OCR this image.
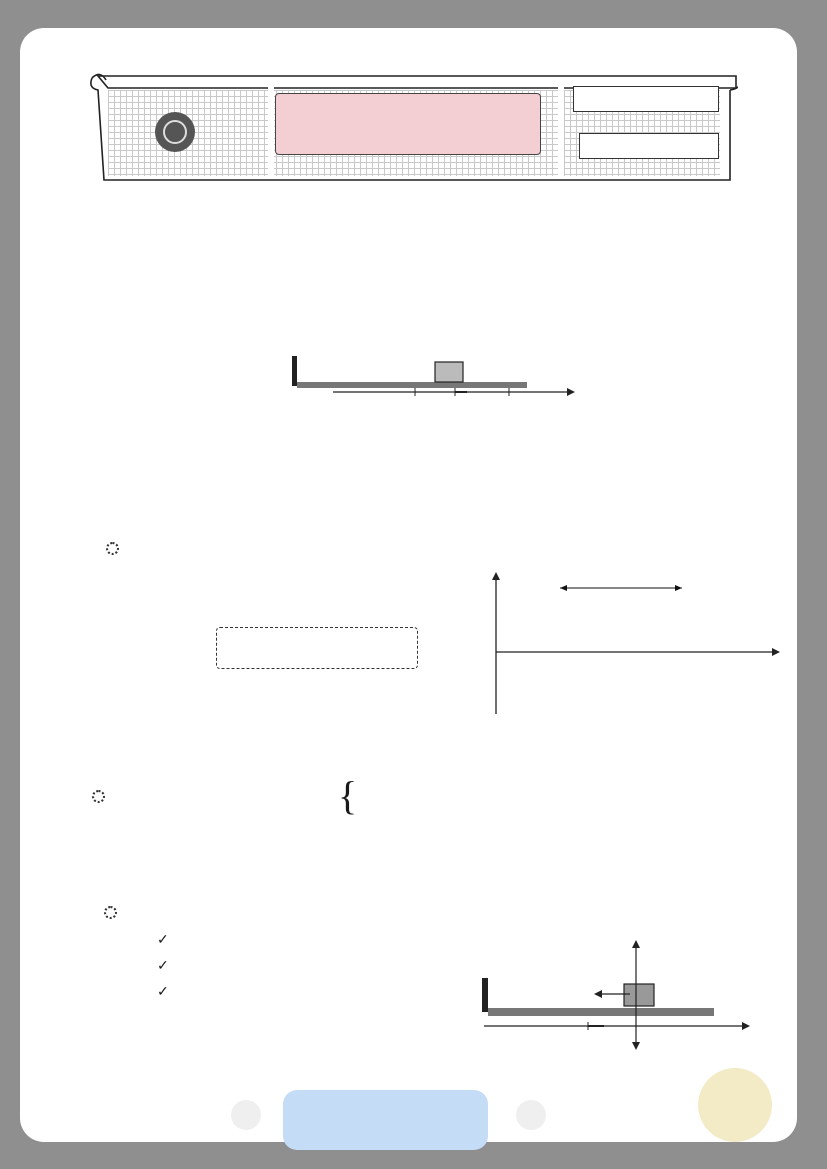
{
✓
✓
✓
